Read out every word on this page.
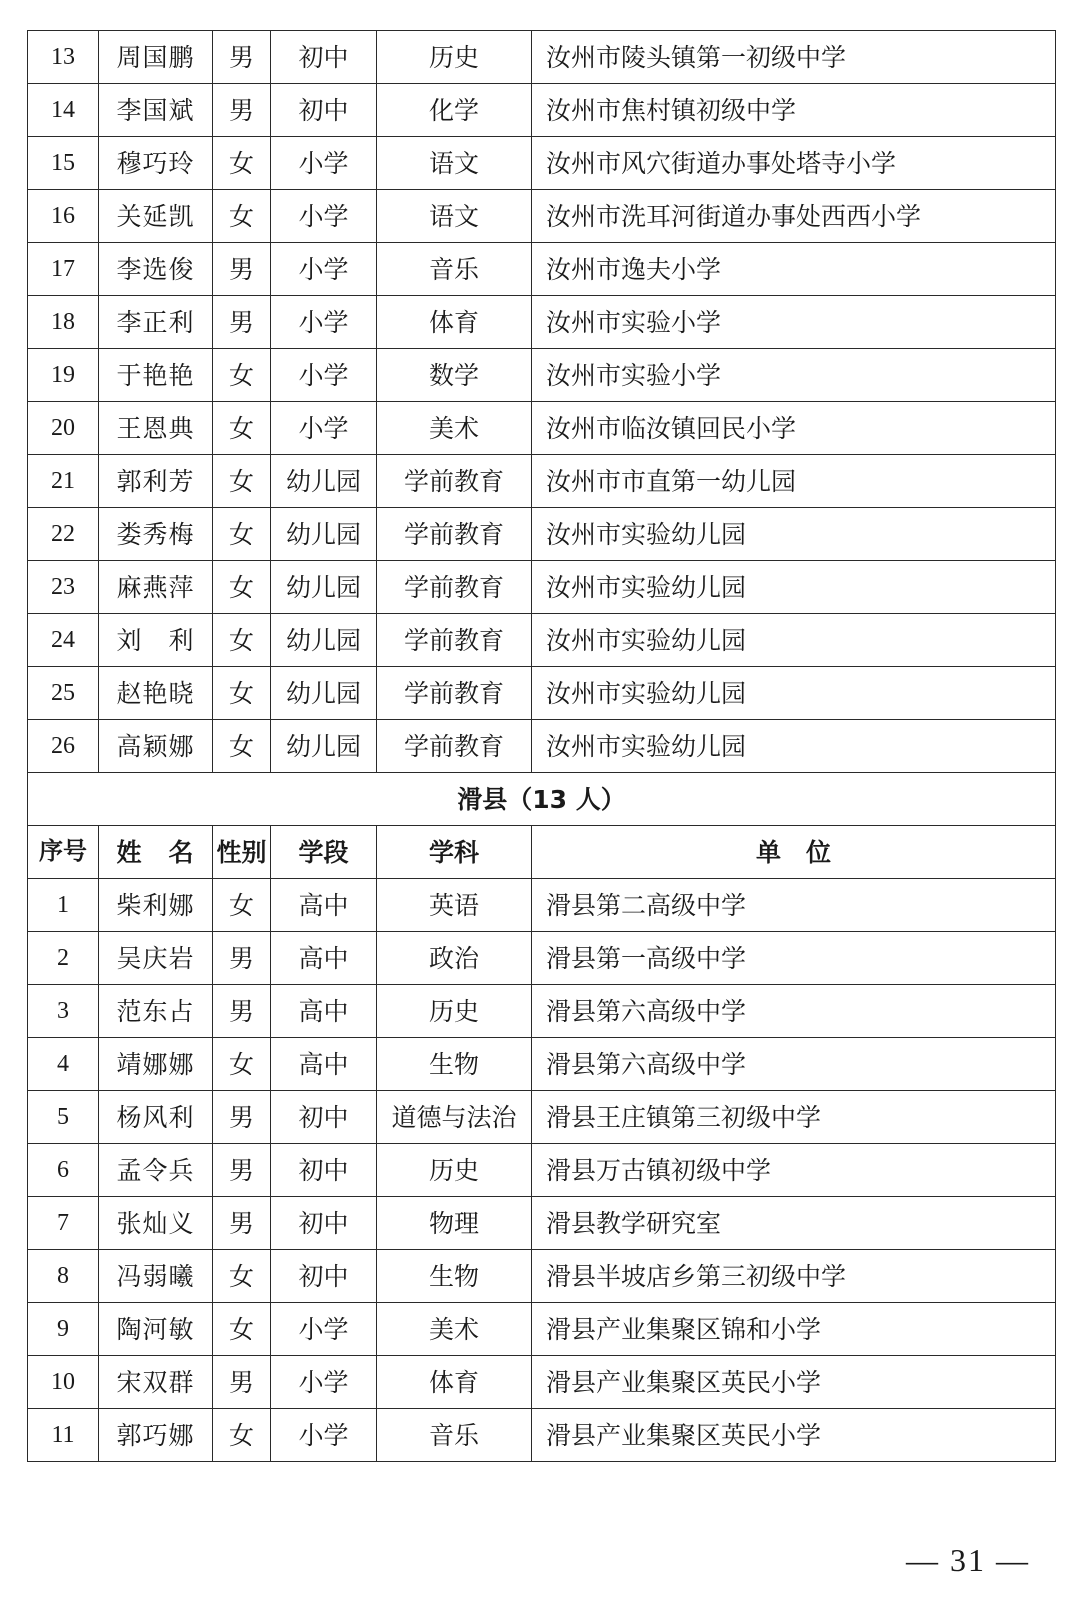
13	周国鹏	男	初中	历史	汝州市陵头镇第一初级中学
14	李国斌	男	初中	化学	汝州市焦村镇初级中学
15	穆巧玲	女	小学	语文	汝州市风穴街道办事处塔寺小学
16	关延凯	女	小学	语文	汝州市洗耳河街道办事处西西小学
17	李选俊	男	小学	音乐	汝州市逸夫小学
18	李正利	男	小学	体育	汝州市实验小学
19	于艳艳	女	小学	数学	汝州市实验小学
20	王恩典	女	小学	美术	汝州市临汝镇回民小学
21	郭利芳	女	幼儿园	学前教育	汝州市市直第一幼儿园
22	娄秀梅	女	幼儿园	学前教育	汝州市实验幼儿园
23	麻燕萍	女	幼儿园	学前教育	汝州市实验幼儿园
24	刘　利	女	幼儿园	学前教育	汝州市实验幼儿园
25	赵艳晓	女	幼儿园	学前教育	汝州市实验幼儿园
26	高颖娜	女	幼儿园	学前教育	汝州市实验幼儿园
滑县（13 人）					
序号	姓　名	性别	学段	学科	单　位
1	柴利娜	女	高中	英语	滑县第二高级中学
2	吴庆岩	男	高中	政治	滑县第一高级中学
3	范东占	男	高中	历史	滑县第六高级中学
4	靖娜娜	女	高中	生物	滑县第六高级中学
5	杨风利	男	初中	道德与法治	滑县王庄镇第三初级中学
6	孟令兵	男	初中	历史	滑县万古镇初级中学
7	张灿义	男	初中	物理	滑县教学研究室
8	冯弱曦	女	初中	生物	滑县半坡店乡第三初级中学
9	陶河敏	女	小学	美术	滑县产业集聚区锦和小学
10	宋双群	男	小学	体育	滑县产业集聚区英民小学
11	郭巧娜	女	小学	音乐	滑县产业集聚区英民小学
— 31 —
